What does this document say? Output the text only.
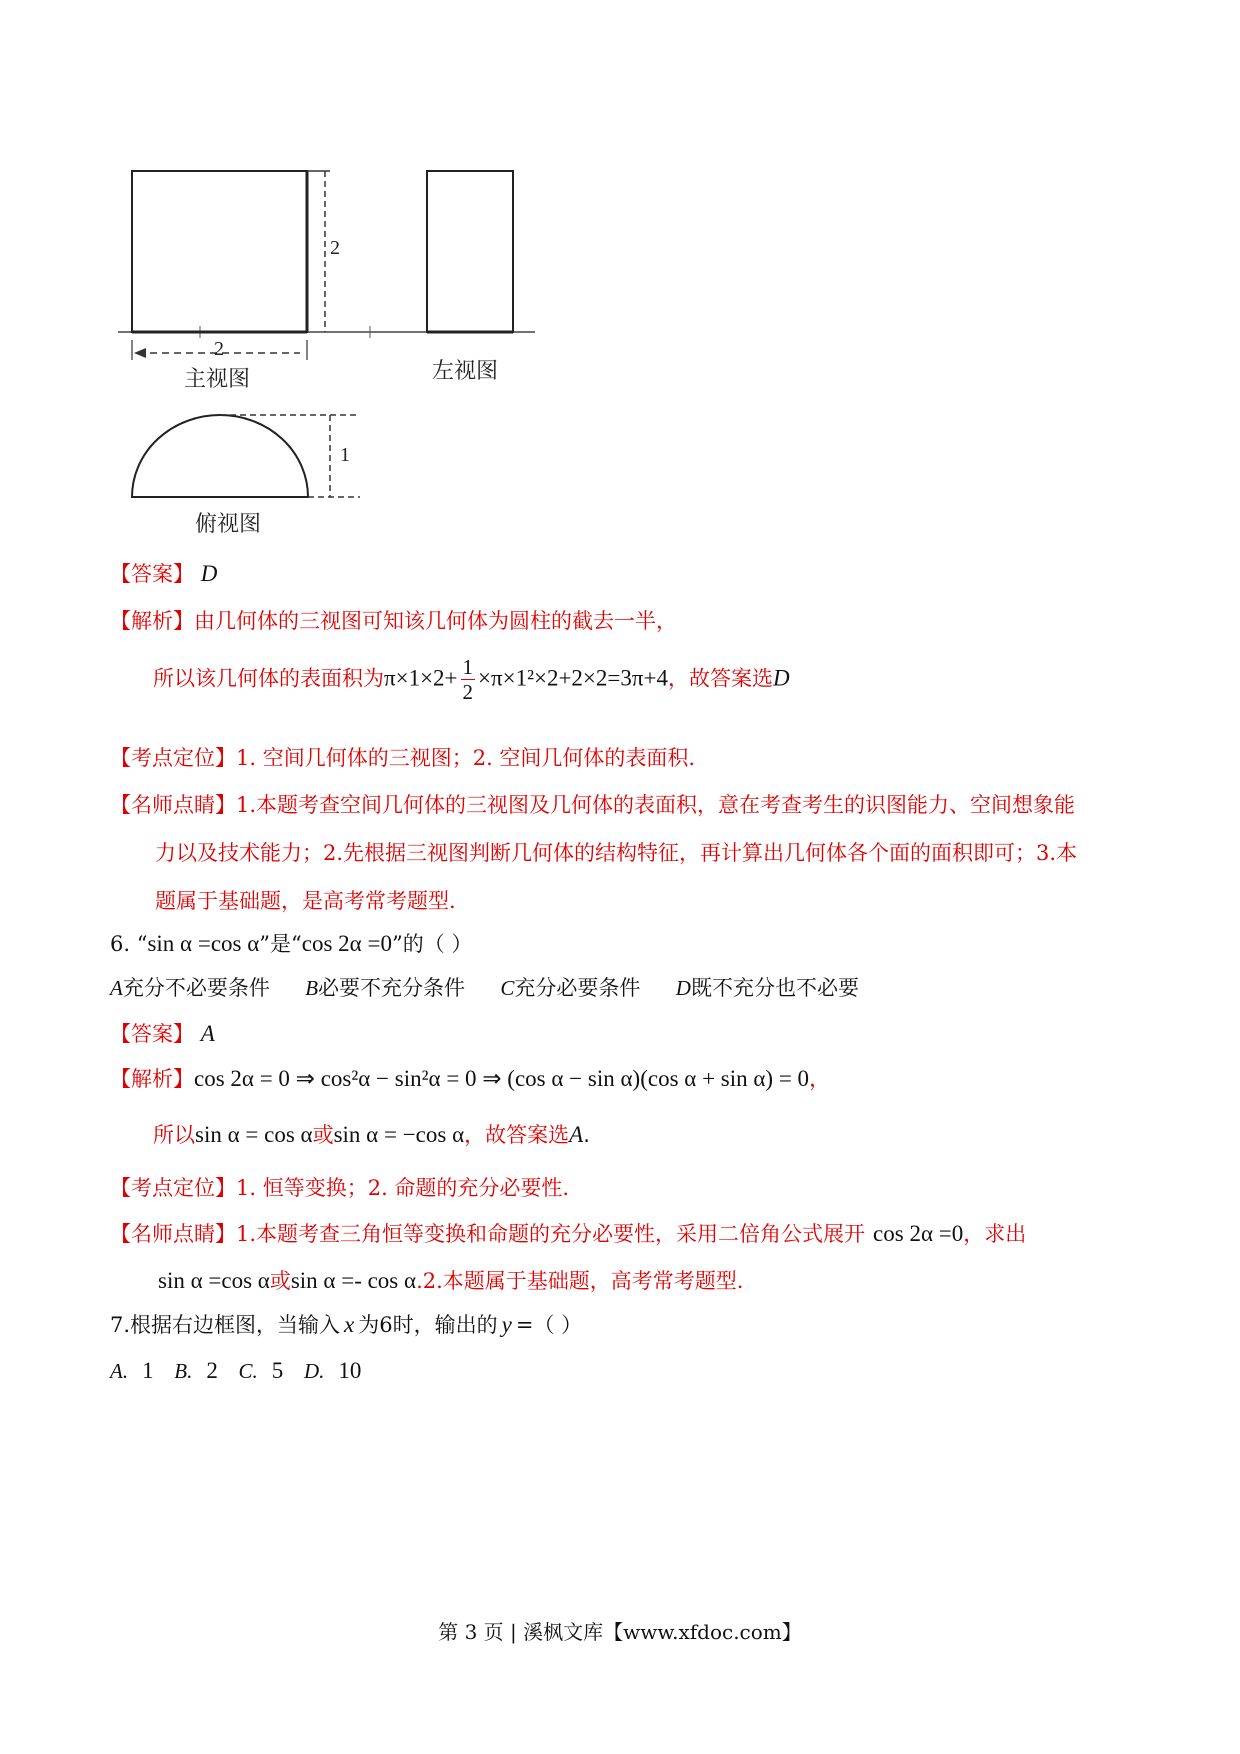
2
2
主视图	左视图
1
俯视图
【答案】 D
【解析】由几何体的三视图可知该几何体为圆柱的截去一半，
所以该几何体的表面积为$\pi\times 1\times 2+ \frac{1}{2} \times\pi\times 1^2\times 2+2\times 2=3\pi+4$，故答案选D
【考点定位】1. 空间几何体的三视图；2. 空间几何体的表面积.
【名师点睛】1.本题考查空间几何体的三视图及几何体的表面积，意在考查考生的识图能力、空间想象能
力以及技术能力；2.先根据三视图判断几何体的结构特征，再计算出几何体各个面的面积即可；3.本
题属于基础题，是高考常考题型.
6. “sin α =cos α”是“cos 2α =0”的（ ）
A充分不必要条件 B必要不充分条件 C充分必要条件 D既不充分也不必要
【答案】 A
【解析】cos 2α = 0 ⇒ cos²α − sin²α = 0 ⇒ (cos α − sin α)(cos α + sin α) = 0，
所以sin α = cos α或sin α = −cos α，故答案选A.
【考点定位】1. 恒等变换；2. 命题的充分必要性.
【名师点睛】1.本题考查三角恒等变换和命题的充分必要性，采用二倍角公式展开 cos 2α =0，求出
sin α =cos α或sin α =- cos α.2.本题属于基础题，高考常考题型.
7.根据右边框图，当输入 x 为6时，输出的 y =（ ）
A. 1 B. 2 C. 5 D. 10
第 3 页 | 溪枫文库【www.xfdoc.com】
